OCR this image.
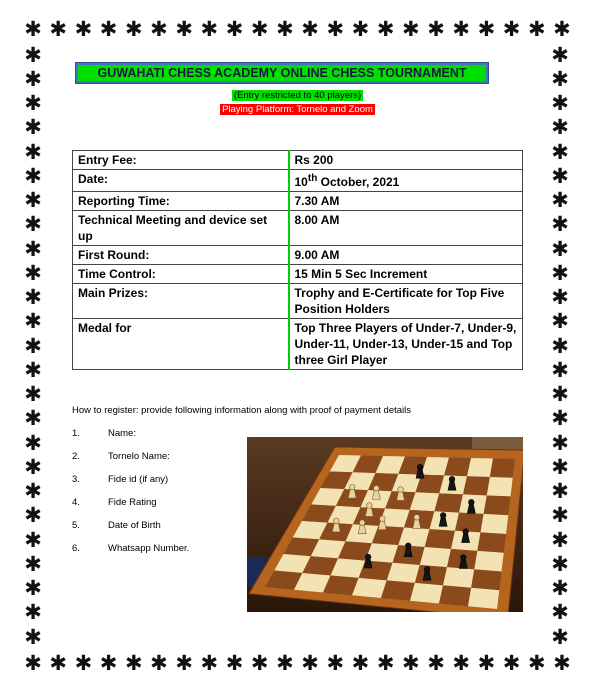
✱ ✱ ✱ ✱ ✱ ✱ ✱ ✱ ✱ ✱ ✱ ✱ ✱ ✱ ✱ ✱ ✱ ✱ ✱ ✱ ✱ ✱
✱ ✱ ✱ ✱ ✱ ✱ ✱ ✱ ✱ ✱ ✱ ✱ ✱ ✱ ✱ ✱ ✱ ✱ ✱ ✱ ✱ ✱
✱
✱
✱
✱
✱
✱
✱
✱
✱
✱
✱
✱
✱
✱
✱
✱
✱
✱
✱
✱
✱
✱
✱
✱
✱
✱
✱
✱
✱
✱
✱
✱
✱
✱
✱
✱
✱
✱
✱
✱
✱
✱
✱
✱
✱
✱
✱
✱
✱
✱
GUWAHATI CHESS ACADEMY ONLINE CHESS TOURNAMENT
(Entry restricted to 40 players)
Playing Platform: Tornelo and Zoom
Entry Fee:	Rs 200
Date:	10th October, 2021
Reporting Time:	7.30 AM
Technical Meeting and device set up	8.00 AM
First Round:	9.00 AM
Time Control:	15 Min 5 Sec Increment
Main Prizes:	Trophy and E-Certificate for Top Five Position Holders
Medal for	Top Three Players of Under-7, Under-9, Under-11, Under-13, Under-15 and Top three Girl Player
How to register: provide following information along with proof of payment details
1.	Name:
2.	Tornelo Name:
3.	Fide id (if any)
4.	Fide Rating
5.	Date of Birth
6.	Whatsapp Number.
